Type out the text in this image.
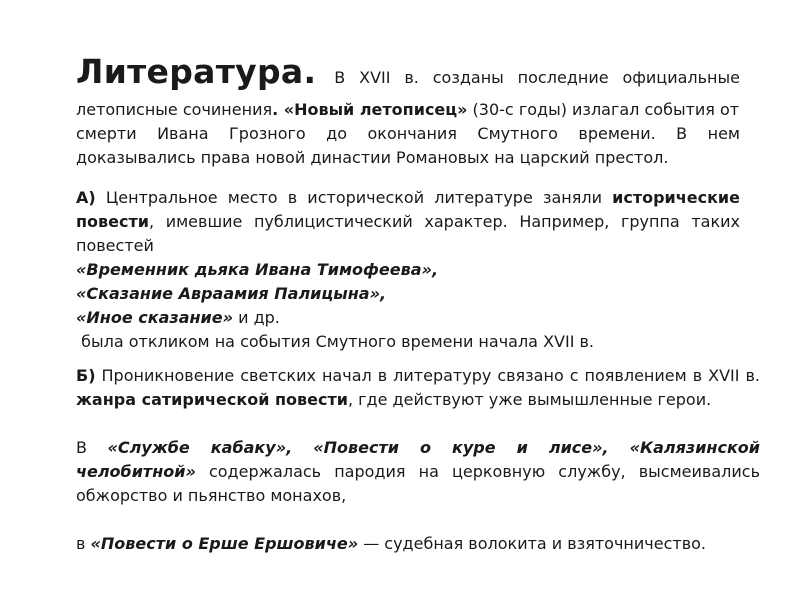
Литература. В XVII в. созданы последние официальные
летописные сочинения. «Новый летописец» (30-с годы) излагал события от
смерти Ивана Грозного до окончания Смутного времени. В нем
доказывались права новой династии Романовых на царский престол.
А) Центральное место в исторической литературе заняли исторические повести, имевшие публицистический характер. Например, группа таких повестей
«Временник дьяка Ивана Тимофеева»,
«Сказание Авраамия Палицына»,
«Иное сказание» и др.
была откликом на события Смутного времени начала XVII в.
Б) Проникновение светских начал в литературу связано с появлением в XVII в. жанра сатирической повести, где действуют уже вымышленные герои.
В «Службе кабаку», «Повести о куре и лисе», «Калязинской челобитной» содержалась пародия на церковную службу, высмеивались обжорство и пьянство монахов,
в «Повести о Ерше Ершовиче» — судебная волокита и взяточничество.
